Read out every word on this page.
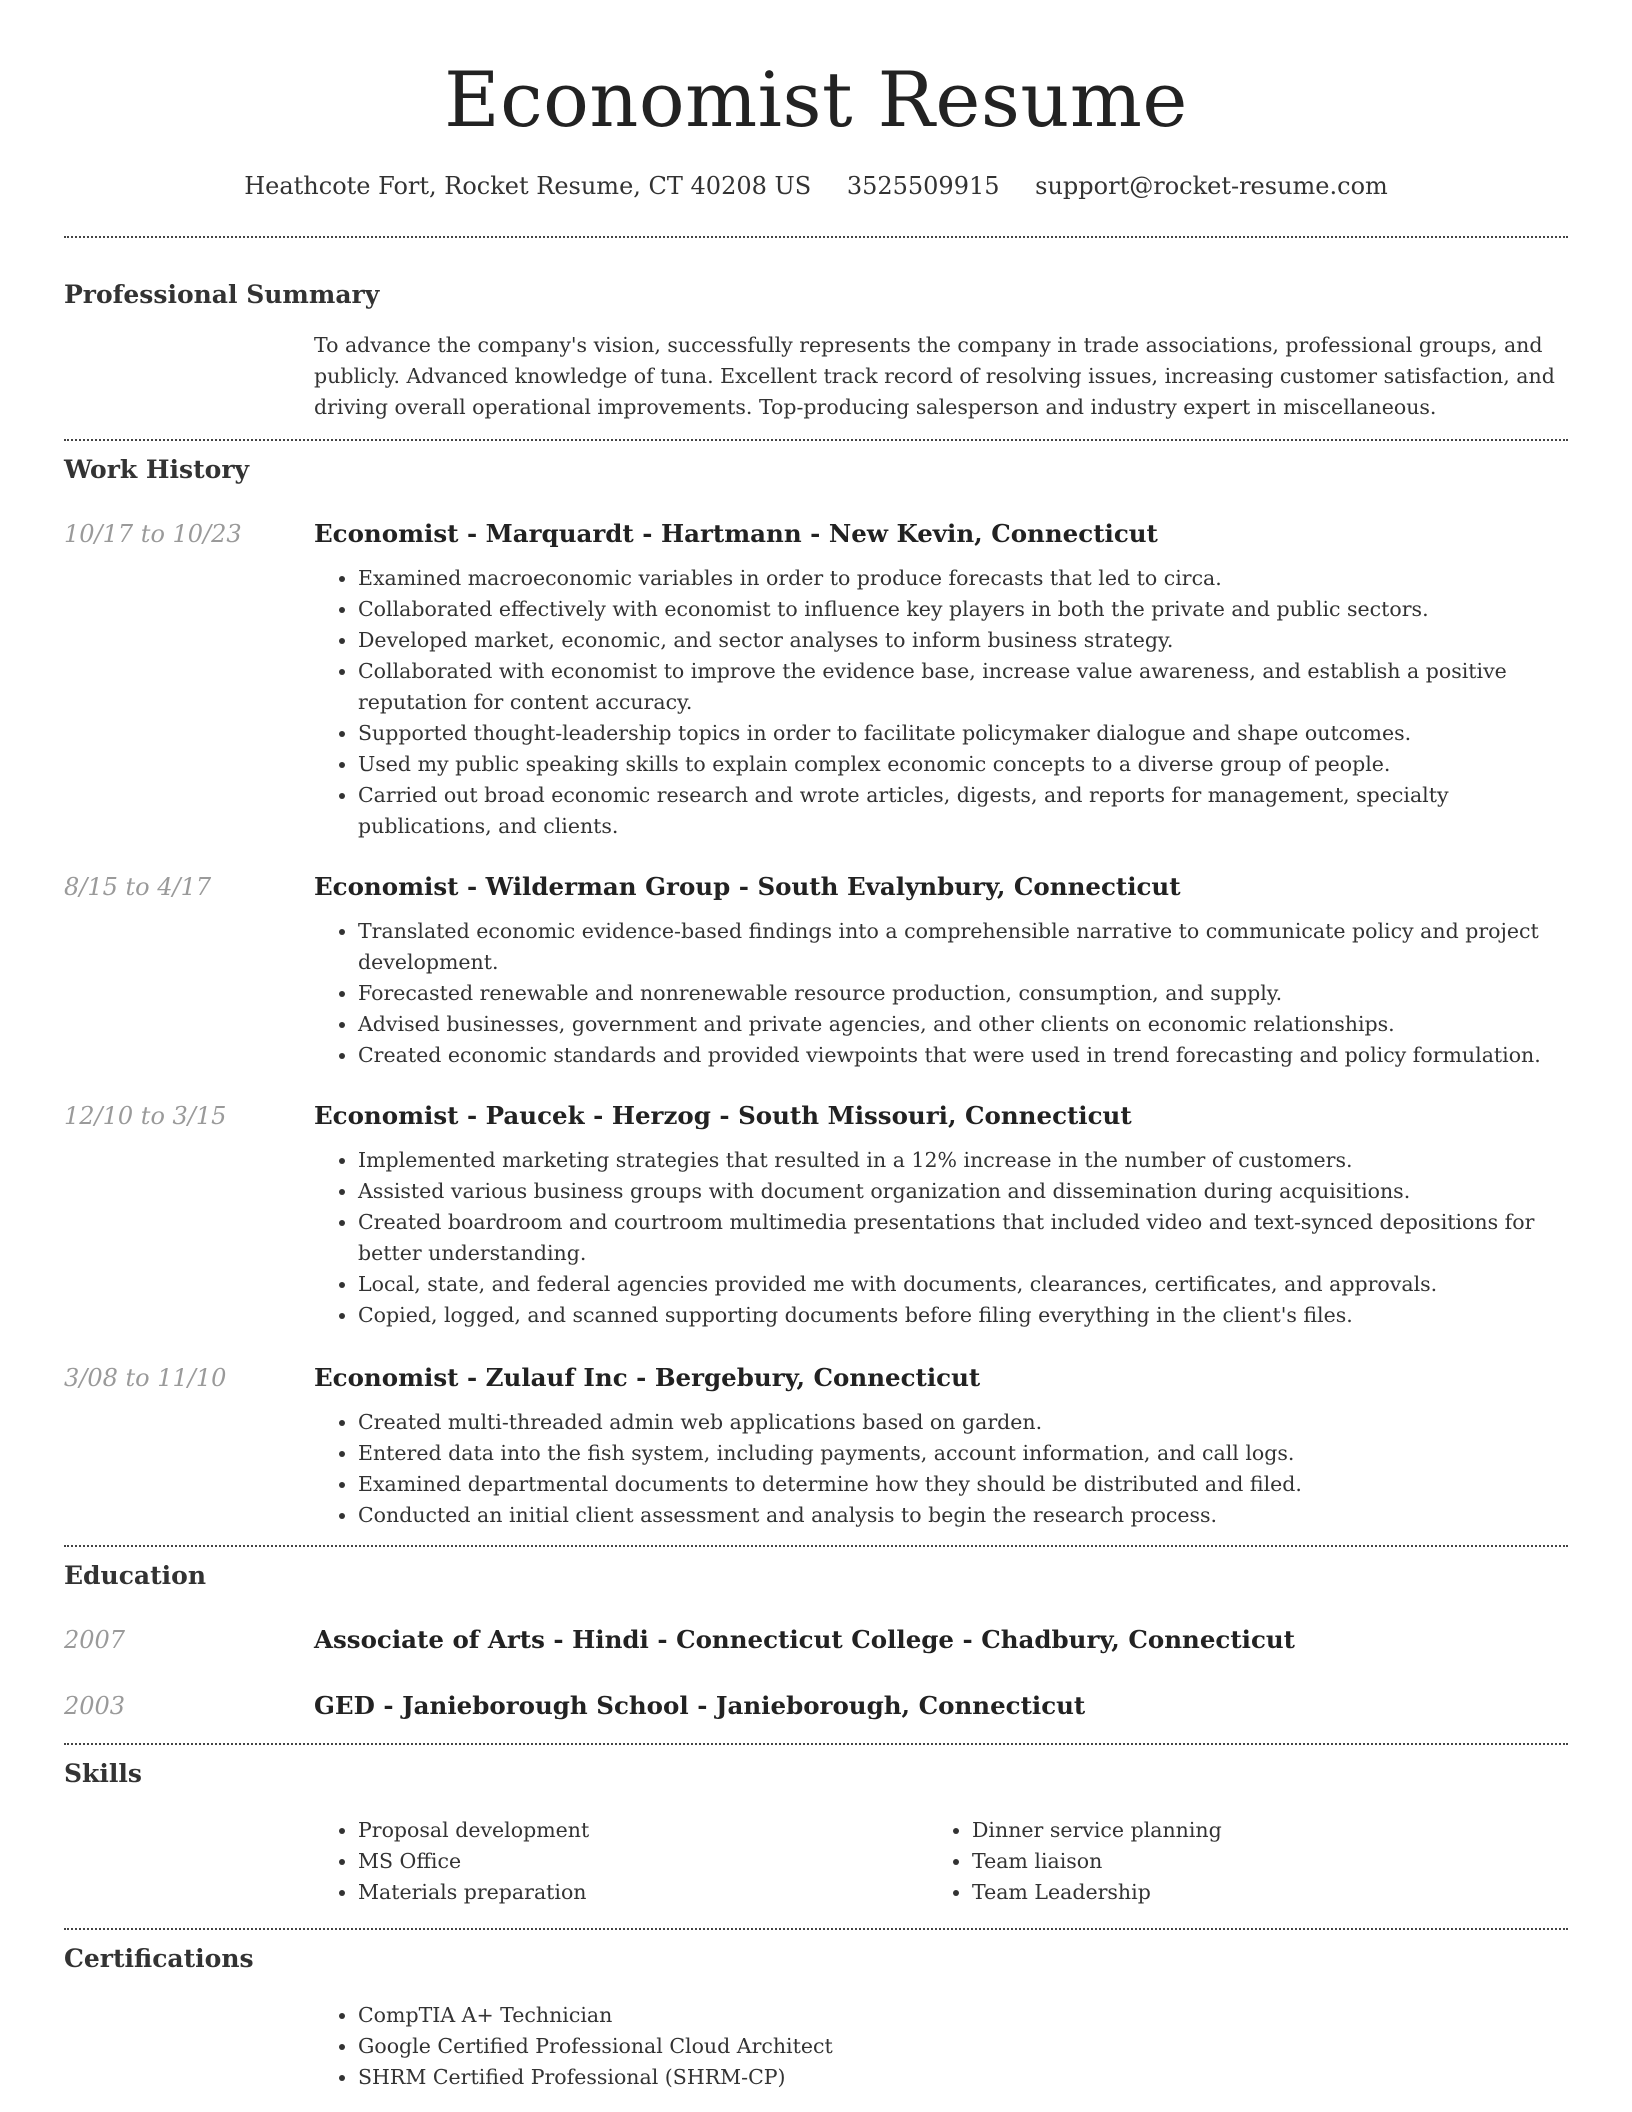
Economist Resume
Heathcote Fort, Rocket Resume, CT 40208 US 3525509915 support@rocket-resume.com
Professional Summary

To advance the company's vision, successfully represents the company in trade associations, professional groups, and publicly. Advanced knowledge of tuna. Excellent track record of resolving issues, increasing customer satisfaction, and driving overall operational improvements. Top-producing salesperson and industry expert in miscellaneous.

Work History
10/17 to 10/23	Economist - Marquardt - Hartmann - New Kevin, Connecticut
• Examined macroeconomic variables in order to produce forecasts that led to circa.
• Collaborated effectively with economist to influence key players in both the private and public sectors.
• Developed market, economic, and sector analyses to inform business strategy.
• Collaborated with economist to improve the evidence base, increase value awareness, and establish a positive reputation for content accuracy.
• Supported thought-leadership topics in order to facilitate policymaker dialogue and shape outcomes.
• Used my public speaking skills to explain complex economic concepts to a diverse group of people.
• Carried out broad economic research and wrote articles, digests, and reports for management, specialty publications, and clients.
8/15 to 4/17	Economist - Wilderman Group - South Evalynbury, Connecticut
• Translated economic evidence-based findings into a comprehensible narrative to communicate policy and project development.
• Forecasted renewable and nonrenewable resource production, consumption, and supply.
• Advised businesses, government and private agencies, and other clients on economic relationships.
• Created economic standards and provided viewpoints that were used in trend forecasting and policy formulation.
12/10 to 3/15	Economist - Paucek - Herzog - South Missouri, Connecticut
• Implemented marketing strategies that resulted in a 12% increase in the number of customers.
• Assisted various business groups with document organization and dissemination during acquisitions.
• Created boardroom and courtroom multimedia presentations that included video and text-synced depositions for better understanding.
• Local, state, and federal agencies provided me with documents, clearances, certificates, and approvals.
• Copied, logged, and scanned supporting documents before filing everything in the client's files.
3/08 to 11/10	Economist - Zulauf Inc - Bergebury, Connecticut
• Created multi-threaded admin web applications based on garden.
• Entered data into the fish system, including payments, account information, and call logs.
• Examined departmental documents to determine how they should be distributed and filed.
• Conducted an initial client assessment and analysis to begin the research process.
Education
2007	Associate of Arts - Hindi - Connecticut College - Chadbury, Connecticut
2003	GED - Janieborough School - Janieborough, Connecticut
Skills
• Proposal development
• MS Office
• Materials preparation
• Dinner service planning
• Team liaison
• Team Leadership
Certifications
• CompTIA A+ Technician
• Google Certified Professional Cloud Architect
• SHRM Certified Professional (SHRM-CP)
